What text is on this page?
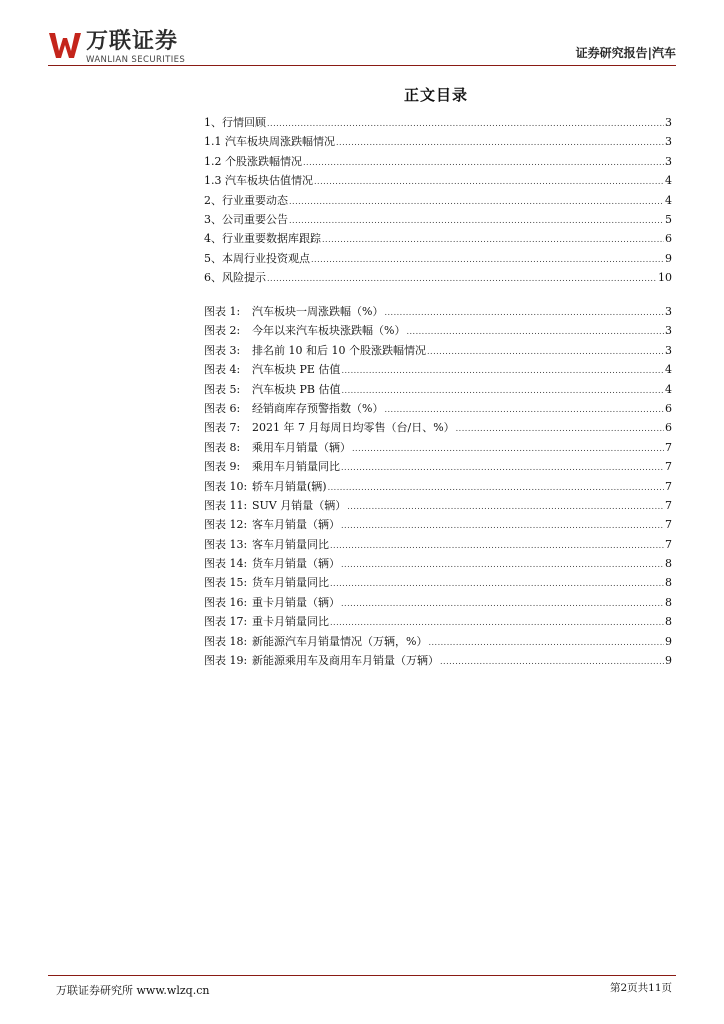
万联证券
WANLIAN SECURITIES	证券研究报告|汽车
正文目录
1、行情回顾 .....	3
1.1 汽车板块周涨跌幅情况 .....	3
1.2 个股涨跌幅情况 .....	3
1.3 汽车板块估值情况 .....	4
2、行业重要动态 .....	4
3、公司重要公告 .....	5
4、行业重要数据库跟踪 .....	6
5、本周行业投资观点 .....	9
6、风险提示 .....	10
图表 1: 汽车板块一周涨跌幅（%） .....	3
图表 2: 今年以来汽车板块涨跌幅（%） .....	3
图表 3: 排名前 10 和后 10 个股涨跌幅情况 .....	3
图表 4: 汽车板块 PE 估值 .....	4
图表 5: 汽车板块 PB 估值 .....	4
图表 6: 经销商库存预警指数（%） .....	6
图表 7: 2021 年 7 月每周日均零售（台/日、%） .....	6
图表 8: 乘用车月销量（辆） .....	7
图表 9: 乘用车月销量同比 .....	7
图表 10: 轿车月销量(辆) .....	7
图表 11: SUV 月销量（辆） .....	7
图表 12: 客车月销量（辆） .....	7
图表 13: 客车月销量同比 .....	7
图表 14: 货车月销量（辆） .....	8
图表 15: 货车月销量同比 .....	8
图表 16: 重卡月销量（辆） .....	8
图表 17: 重卡月销量同比 .....	8
图表 18: 新能源汽车月销量情况（万辆，%） .....	9
图表 19: 新能源乘用车及商用车月销量（万辆） .....	9
万联证券研究所 www.wlzq.cn	第2页共11页
